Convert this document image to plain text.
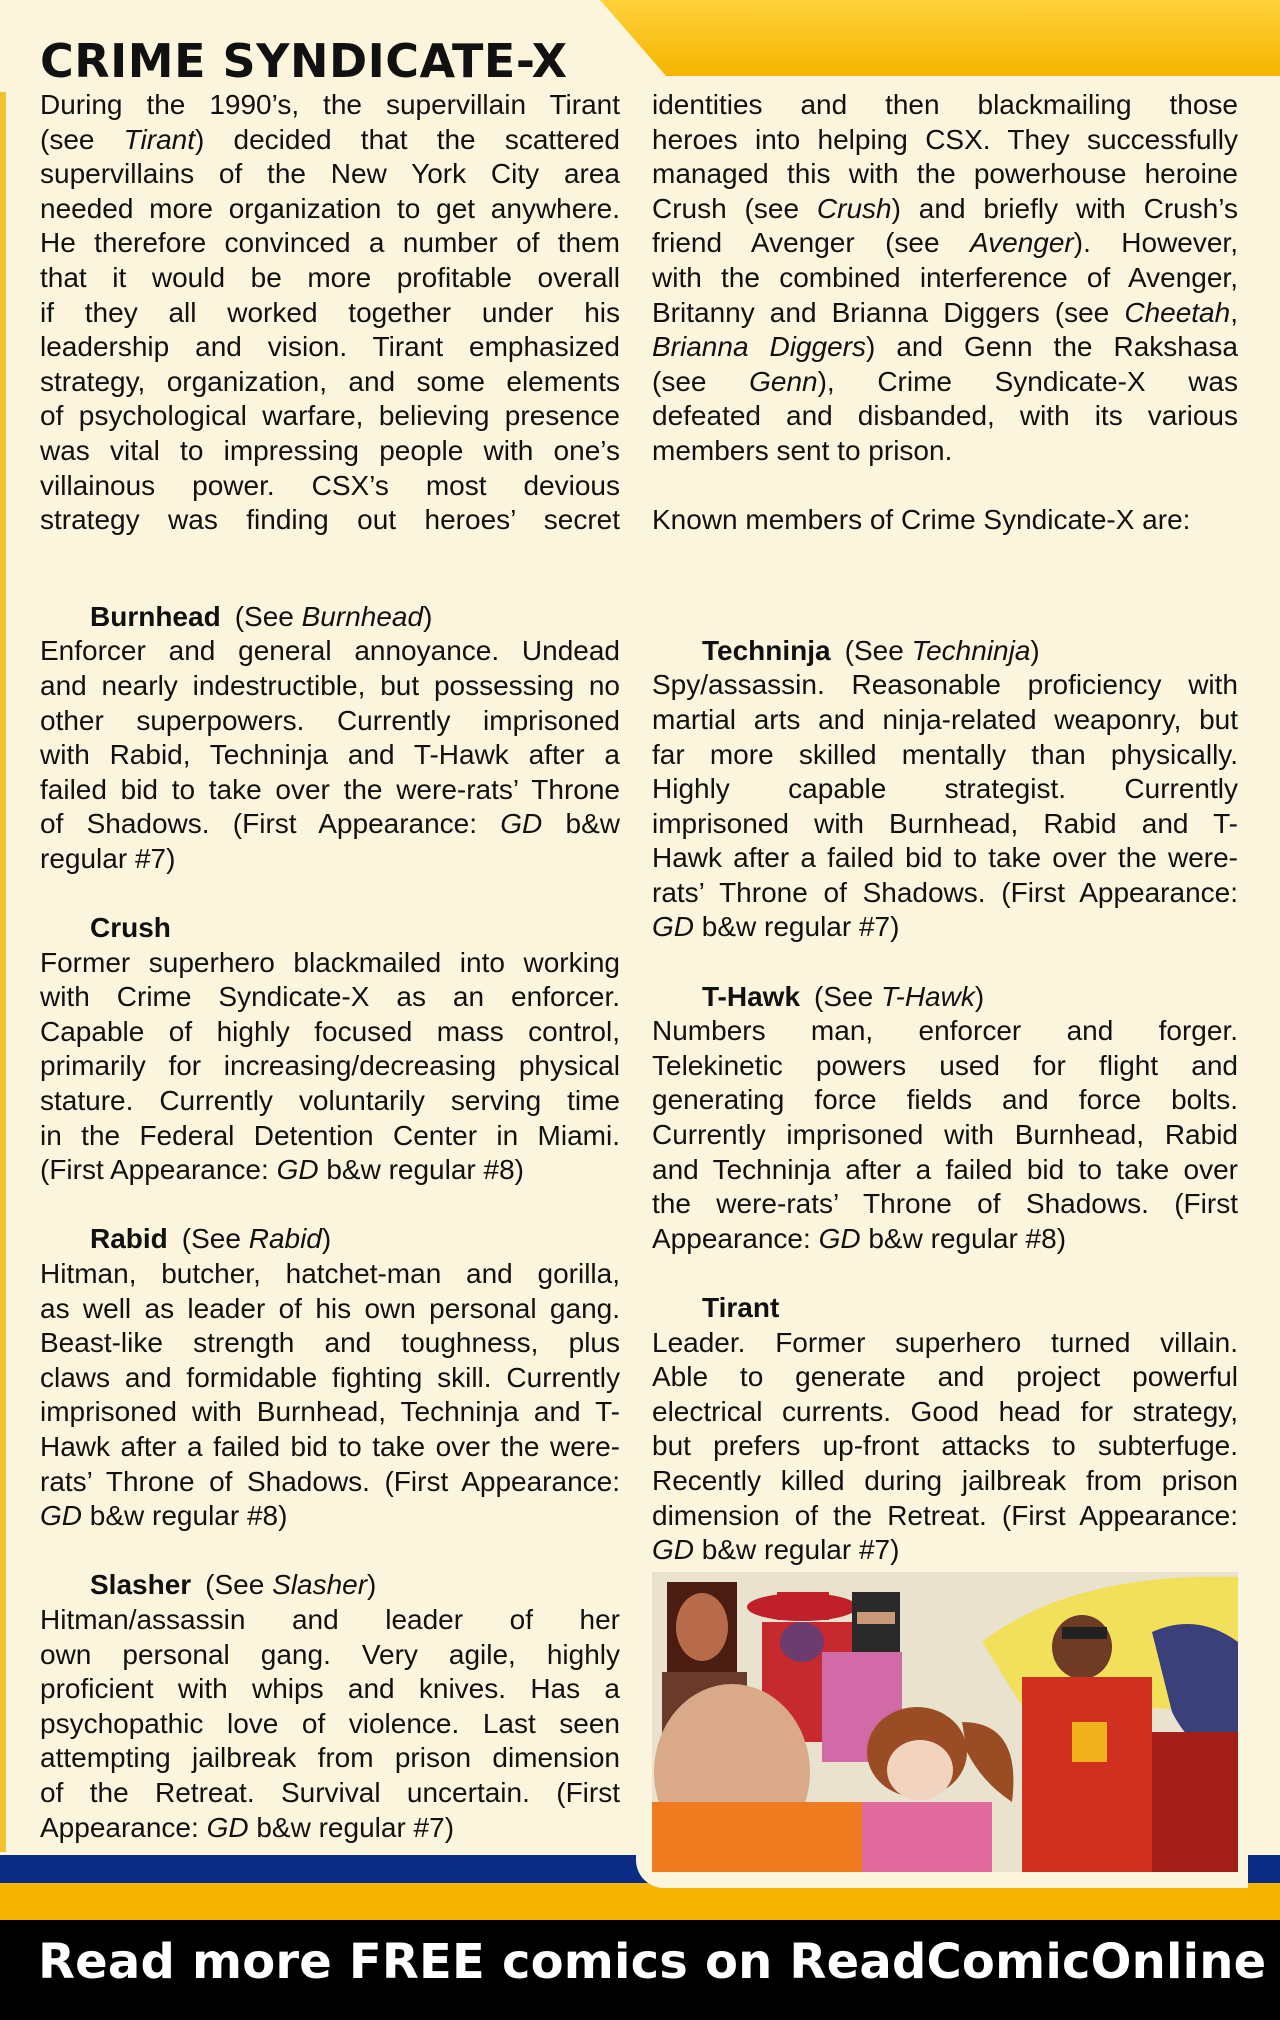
CRIME SYNDICATE-X
During the 1990’s, the supervillain Tirant
(see Tirant) decided that the scattered
supervillains of the New York City area
needed more organization to get anywhere.
He therefore convinced a number of them
that it would be more profitable overall
if they all worked together under his
leadership and vision. Tirant emphasized
strategy, organization, and some elements
of psychological warfare, believing presence
was vital to impressing people with one’s
villainous power. CSX’s most devious
strategy was finding out heroes’ secret
Burnhead (See Burnhead)
Enforcer and general annoyance. Undead
and nearly indestructible, but possessing no
other superpowers. Currently imprisoned
with Rabid, Techninja and T-Hawk after a
failed bid to take over the were-rats’ Throne
of Shadows. (First Appearance: GD b&w
regular #7)
Crush
Former superhero blackmailed into working
with Crime Syndicate-X as an enforcer.
Capable of highly focused mass control,
primarily for increasing/decreasing physical
stature. Currently voluntarily serving time
in the Federal Detention Center in Miami.
(First Appearance: GD b&w regular #8)
Rabid (See Rabid)
Hitman, butcher, hatchet-man and gorilla,
as well as leader of his own personal gang.
Beast-like strength and toughness, plus
claws and formidable fighting skill. Currently
imprisoned with Burnhead, Techninja and T-
Hawk after a failed bid to take over the were-
rats’ Throne of Shadows. (First Appearance:
GD b&w regular #8)
Slasher (See Slasher)
Hitman/assassin and leader of her
own personal gang. Very agile, highly
proficient with whips and knives. Has a
psychopathic love of violence. Last seen
attempting jailbreak from prison dimension
of the Retreat. Survival uncertain. (First
Appearance: GD b&w regular #7)
identities and then blackmailing those
heroes into helping CSX. They successfully
managed this with the powerhouse heroine
Crush (see Crush) and briefly with Crush’s
friend Avenger (see Avenger). However,
with the combined interference of Avenger,
Britanny and Brianna Diggers (see Cheetah,
Brianna Diggers) and Genn the Rakshasa
(see Genn), Crime Syndicate-X was
defeated and disbanded, with its various
members sent to prison.

Known members of Crime Syndicate-X are:
Techninja (See Techninja)
Spy/assassin. Reasonable proficiency with
martial arts and ninja-related weaponry, but
far more skilled mentally than physically.
Highly capable strategist. Currently
imprisoned with Burnhead, Rabid and T-
Hawk after a failed bid to take over the were-
rats’ Throne of Shadows. (First Appearance:
GD b&w regular #7)
T-Hawk (See T-Hawk)
Numbers man, enforcer and forger.
Telekinetic powers used for flight and
generating force fields and force bolts.
Currently imprisoned with Burnhead, Rabid
and Techninja after a failed bid to take over
the were-rats’ Throne of Shadows. (First
Appearance: GD b&w regular #8)
Tirant
Leader. Former superhero turned villain.
Able to generate and project powerful
electrical currents. Good head for strategy,
but prefers up-front attacks to subterfuge.
Recently killed during jailbreak from prison
dimension of the Retreat. (First Appearance:
GD b&w regular #7)

Read more FREE comics on ReadComicOnline
